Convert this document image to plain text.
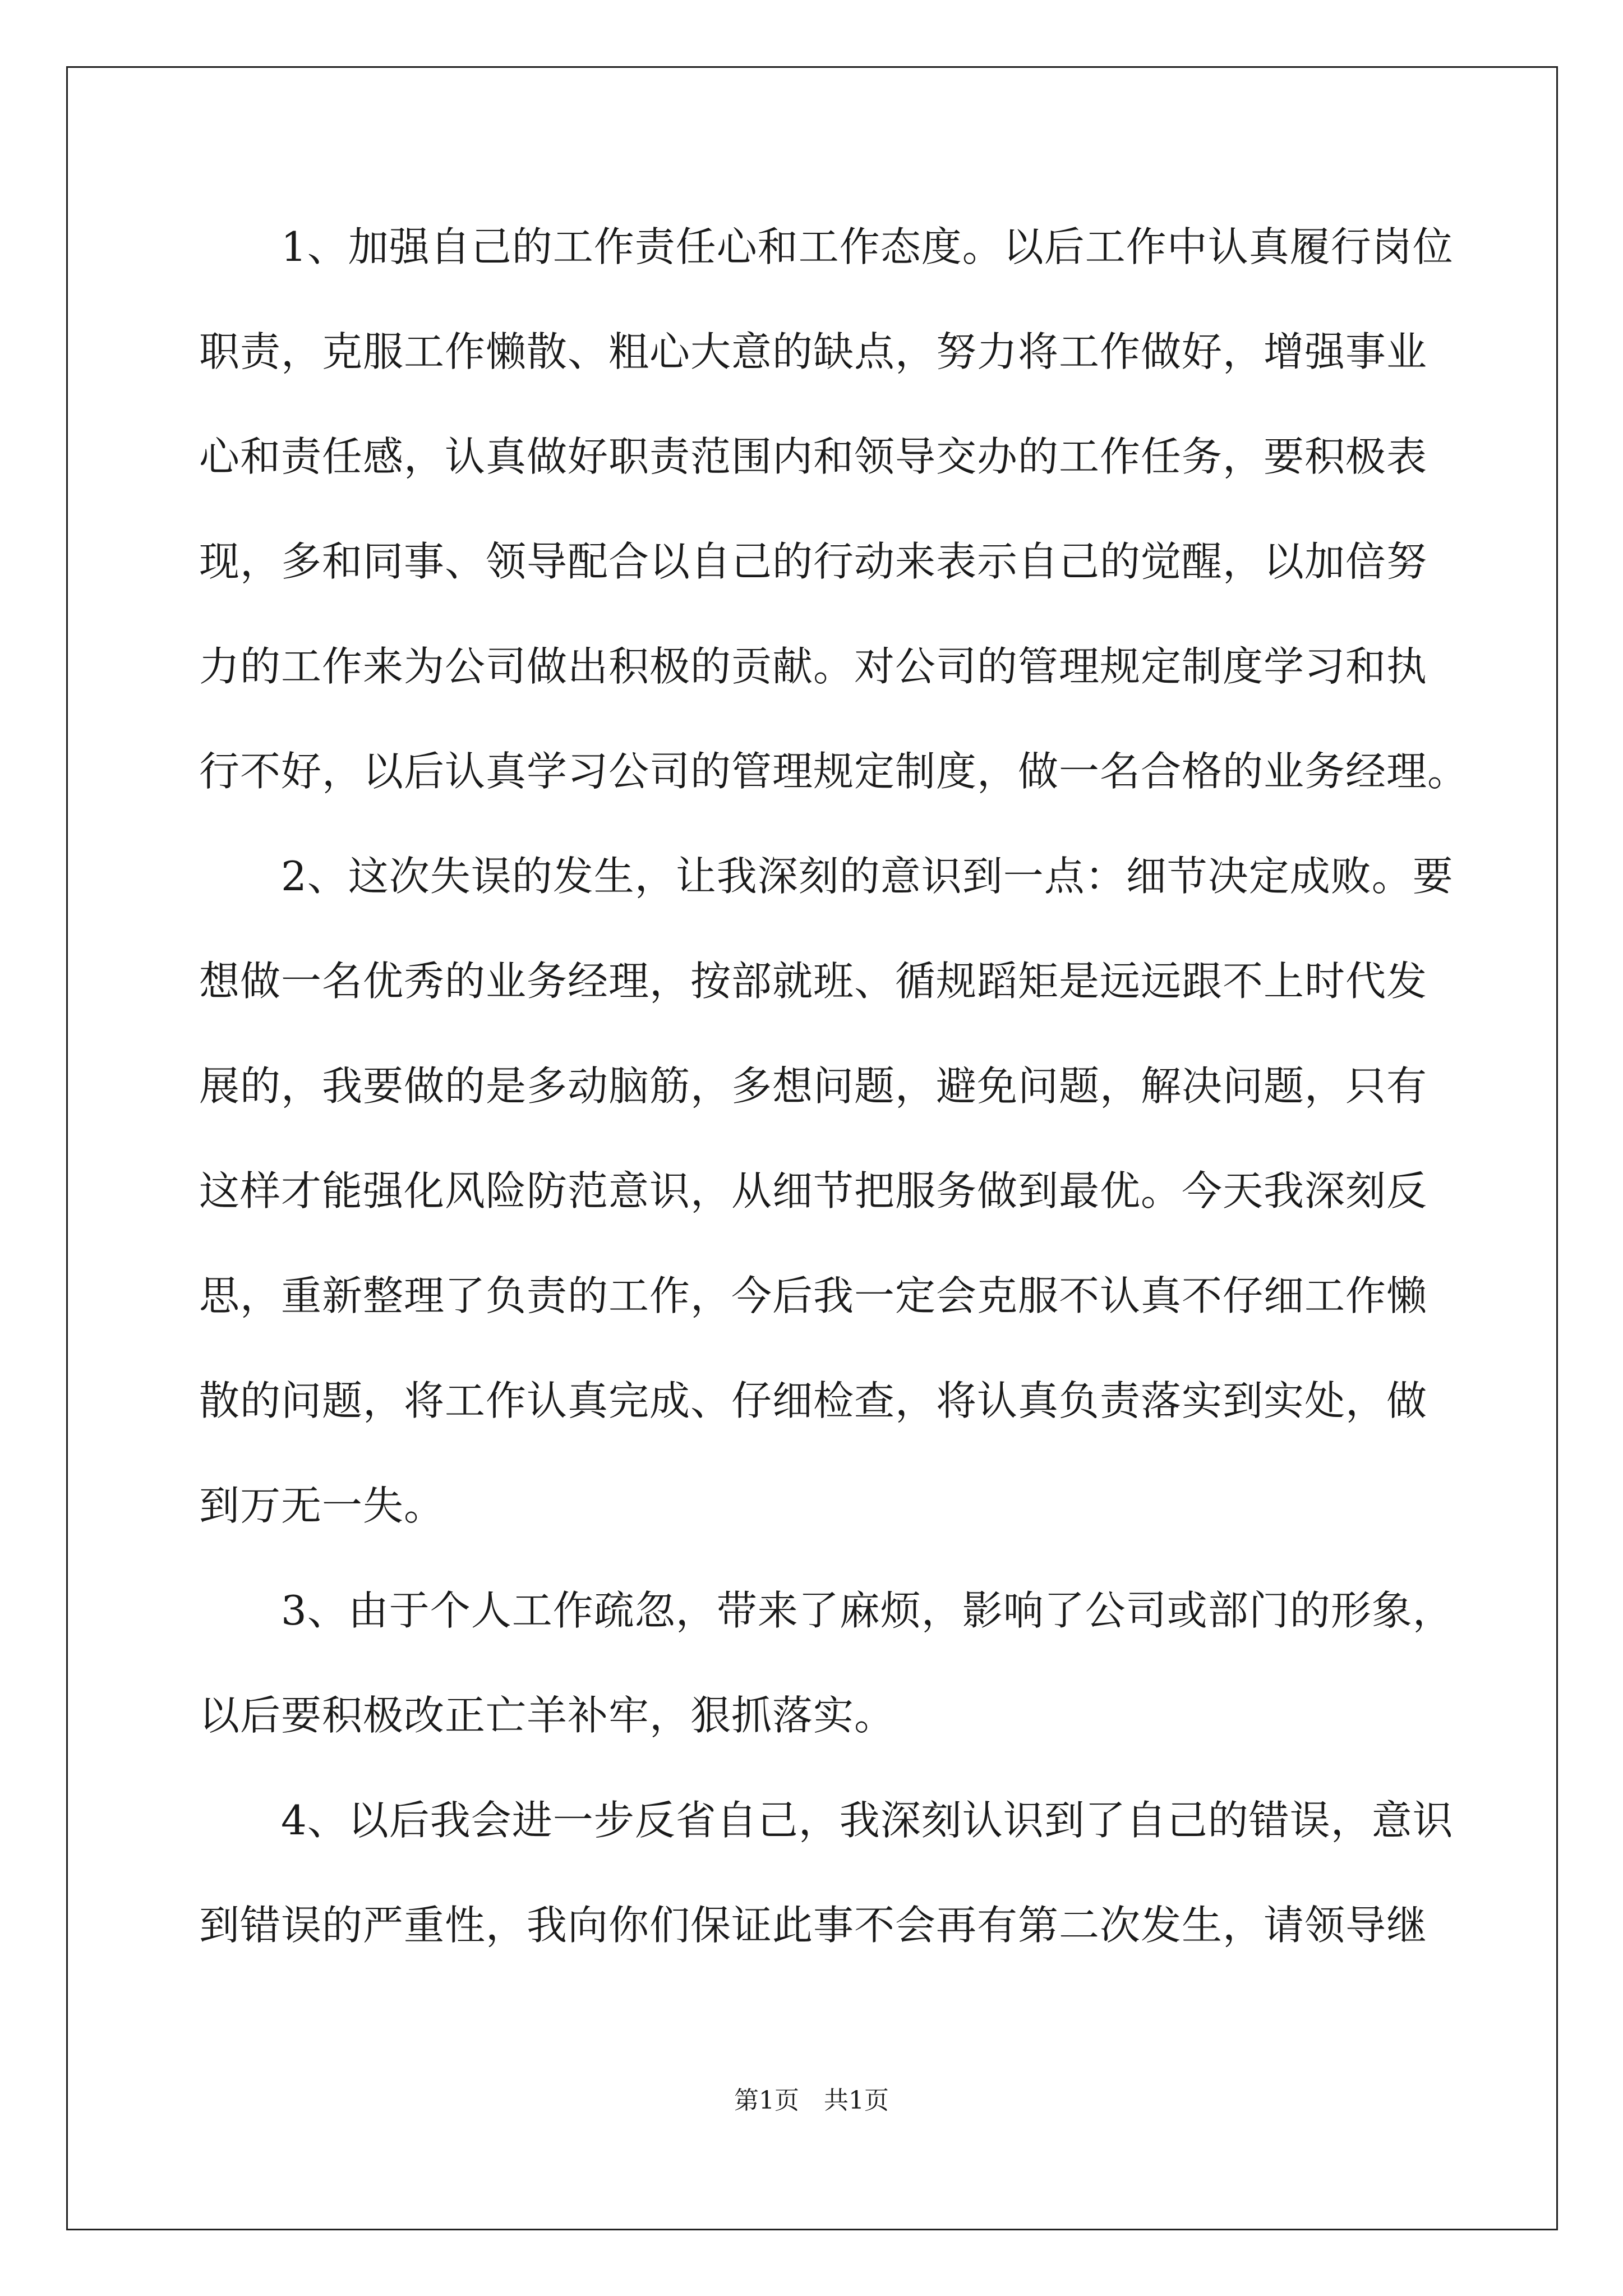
　　1、加强自己的工作责任心和工作态度。以后工作中认真履行岗位
职责，克服工作懒散、粗心大意的缺点，努力将工作做好，增强事业
心和责任感，认真做好职责范围内和领导交办的工作任务，要积极表
现，多和同事、领导配合以自己的行动来表示自己的觉醒，以加倍努
力的工作来为公司做出积极的贡献。对公司的管理规定制度学习和执
行不好，以后认真学习公司的管理规定制度，做一名合格的业务经理。
　　2、这次失误的发生，让我深刻的意识到一点：细节决定成败。要
想做一名优秀的业务经理，按部就班、循规蹈矩是远远跟不上时代发
展的，我要做的是多动脑筋，多想问题，避免问题，解决问题，只有
这样才能强化风险防范意识，从细节把服务做到最优。今天我深刻反
思，重新整理了负责的工作，今后我一定会克服不认真不仔细工作懒
散的问题，将工作认真完成、仔细检查，将认真负责落实到实处，做
到万无一失。
　　3、由于个人工作疏忽，带来了麻烦，影响了公司或部门的形象，
以后要积极改正亡羊补牢，狠抓落实。
　　4、以后我会进一步反省自己，我深刻认识到了自己的错误，意识
到错误的严重性，我向你们保证此事不会再有第二次发生，请领导继
第1页　共1页
